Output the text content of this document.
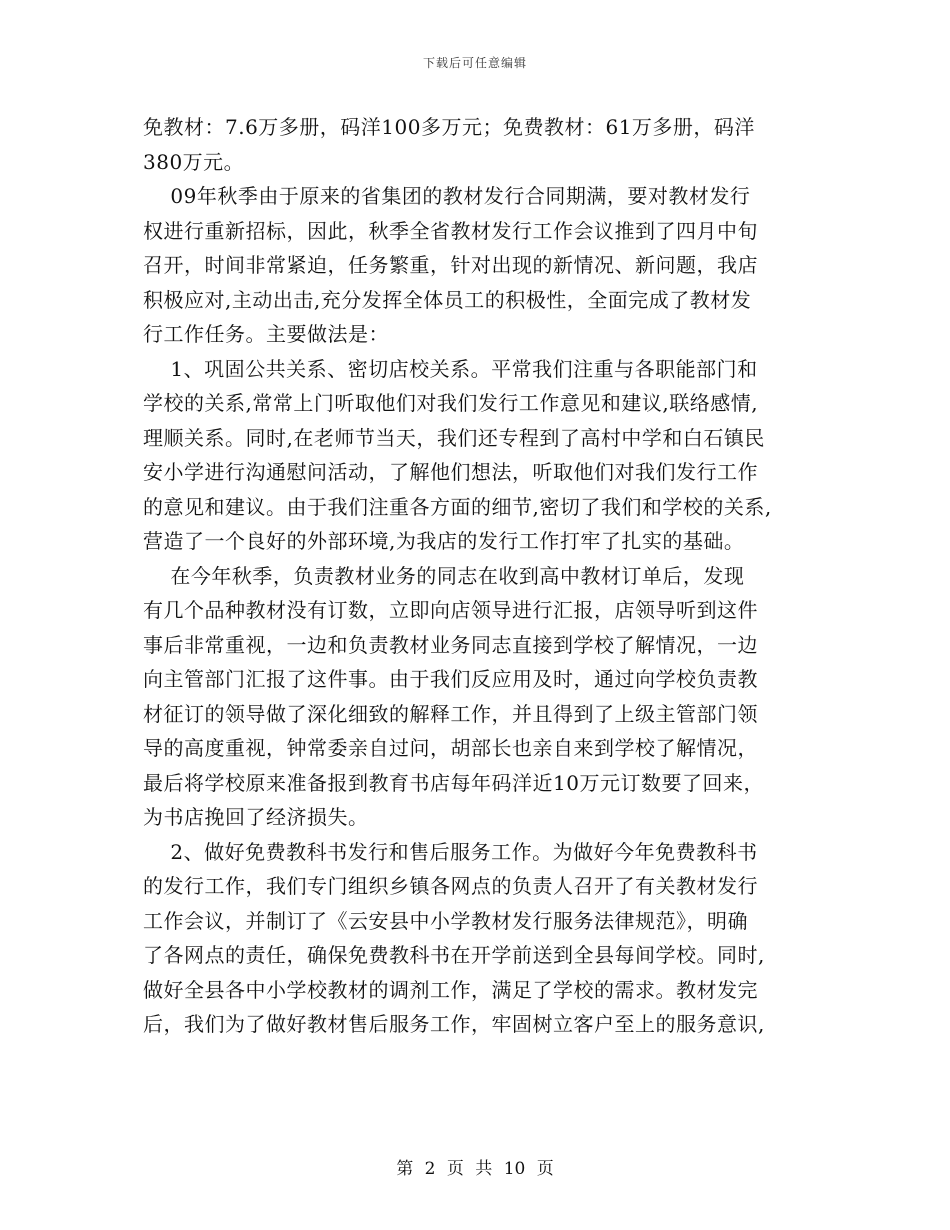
下载后可任意编辑

免教材：7.6万多册，码洋100多万元；免费教材：61万多册，码洋
380万元。

09年秋季由于原来的省集团的教材发行合同期满，要对教材发行
权进行重新招标，因此，秋季全省教材发行工作会议推到了四月中旬
召开，时间非常紧迫，任务繁重，针对出现的新情况、新问题，我店
积极应对,主动出击,充分发挥全体员工的积极性，全面完成了教材发
行工作任务。主要做法是：

1、巩固公共关系、密切店校关系。平常我们注重与各职能部门和
学校的关系,常常上门听取他们对我们发行工作意见和建议,联络感情,
理顺关系。同时,在老师节当天，我们还专程到了高村中学和白石镇民
安小学进行沟通慰问活动，了解他们想法，听取他们对我们发行工作
的意见和建议。由于我们注重各方面的细节,密切了我们和学校的关系,
营造了一个良好的外部环境,为我店的发行工作打牢了扎实的基础。

在今年秋季，负责教材业务的同志在收到高中教材订单后，发现
有几个品种教材没有订数，立即向店领导进行汇报，店领导听到这件
事后非常重视，一边和负责教材业务同志直接到学校了解情况，一边
向主管部门汇报了这件事。由于我们反应用及时，通过向学校负责教
材征订的领导做了深化细致的解释工作，并且得到了上级主管部门领
导的高度重视，钟常委亲自过问，胡部长也亲自来到学校了解情况，
最后将学校原来准备报到教育书店每年码洋近10万元订数要了回来，
为书店挽回了经济损失。

2、做好免费教科书发行和售后服务工作。为做好今年免费教科书
的发行工作，我们专门组织乡镇各网点的负责人召开了有关教材发行
工作会议，并制订了《云安县中小学教材发行服务法律规范》，明确
了各网点的责任，确保免费教科书在开学前送到全县每间学校。同时,
做好全县各中小学校教材的调剂工作，满足了学校的需求。教材发完
后，我们为了做好教材售后服务工作，牢固树立客户至上的服务意识,

第 2 页 共 10 页
